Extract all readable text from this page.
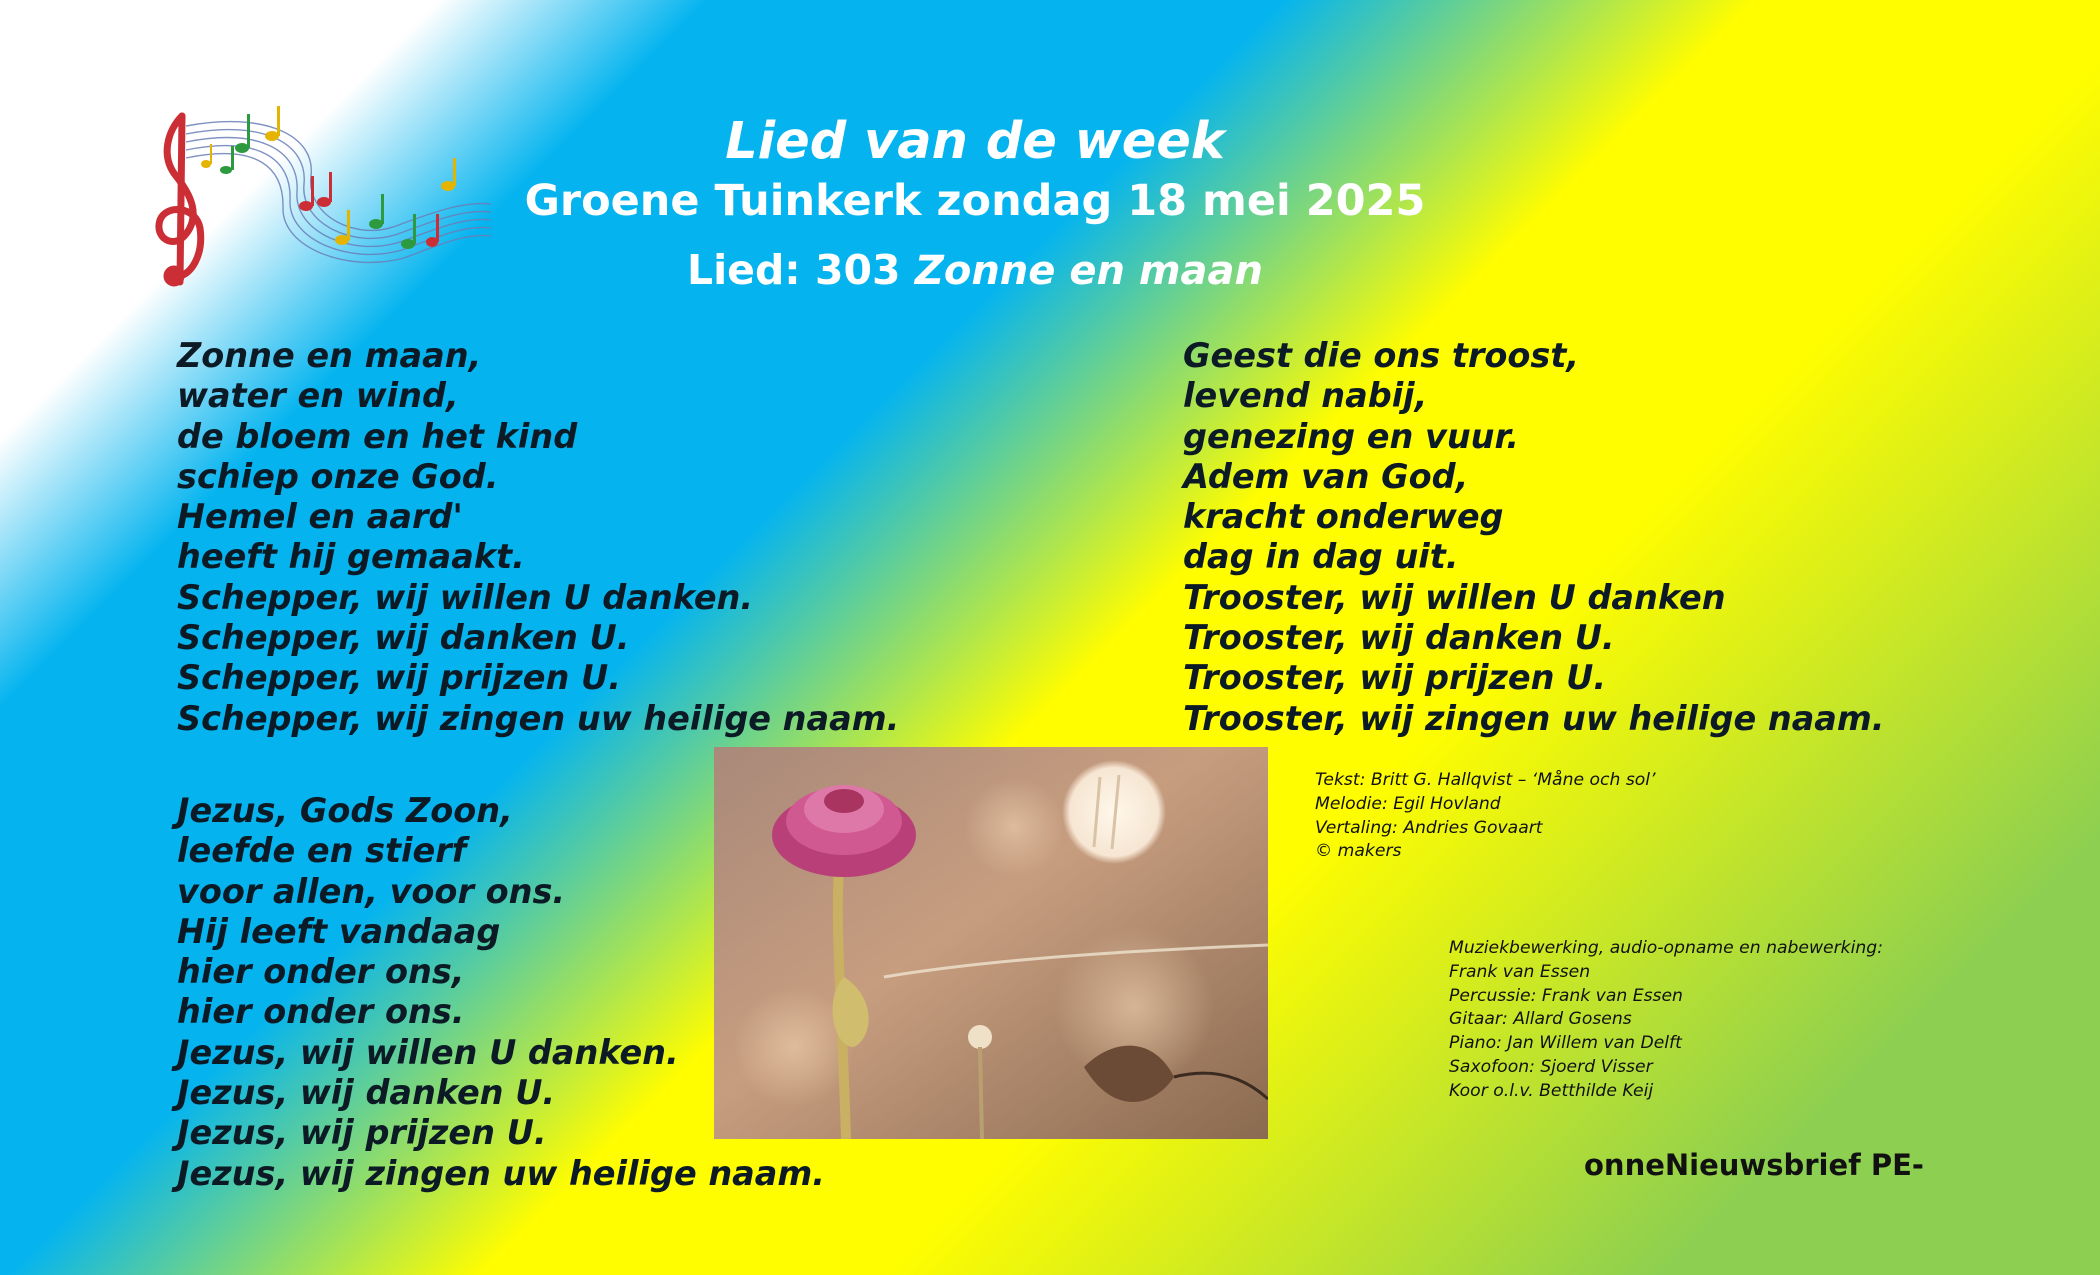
Lied van de week
Groene Tuinkerk zondag 18 mei 2025
Lied: 303 Zonne en maan
Zonne en maan,
water en wind,
de bloem en het kind
schiep onze God.
Hemel en aard'
heeft hij gemaakt.
Schepper, wij willen U danken.
Schepper, wij danken U.
Schepper, wij prijzen U.
Schepper, wij zingen uw heilige naam.
Geest die ons troost,
levend nabij,
genezing en vuur.
Adem van God,
kracht onderweg
dag in dag uit.
Trooster, wij willen U danken
Trooster, wij danken U.
Trooster, wij prijzen U.
Trooster, wij zingen uw heilige naam.
Jezus, Gods Zoon,
leefde en stierf
voor allen, voor ons.
Hij leeft vandaag
hier onder ons,
hier onder ons.
Jezus, wij willen U danken.
Jezus, wij danken U.
Jezus, wij prijzen U.
Jezus, wij zingen uw heilige naam.
Tekst: Britt G. Hallqvist – ‘Måne och sol’
Melodie: Egil Hovland
Vertaling: Andries Govaart
© makers
Muziekbewerking, audio-opname en nabewerking:
Frank van Essen
Percussie: Frank van Essen
Gitaar: Allard Gosens
Piano: Jan Willem van Delft
Saxofoon: Sjoerd Visser
Koor o.l.v. Betthilde Keij
onneNieuwsbrief PE-
